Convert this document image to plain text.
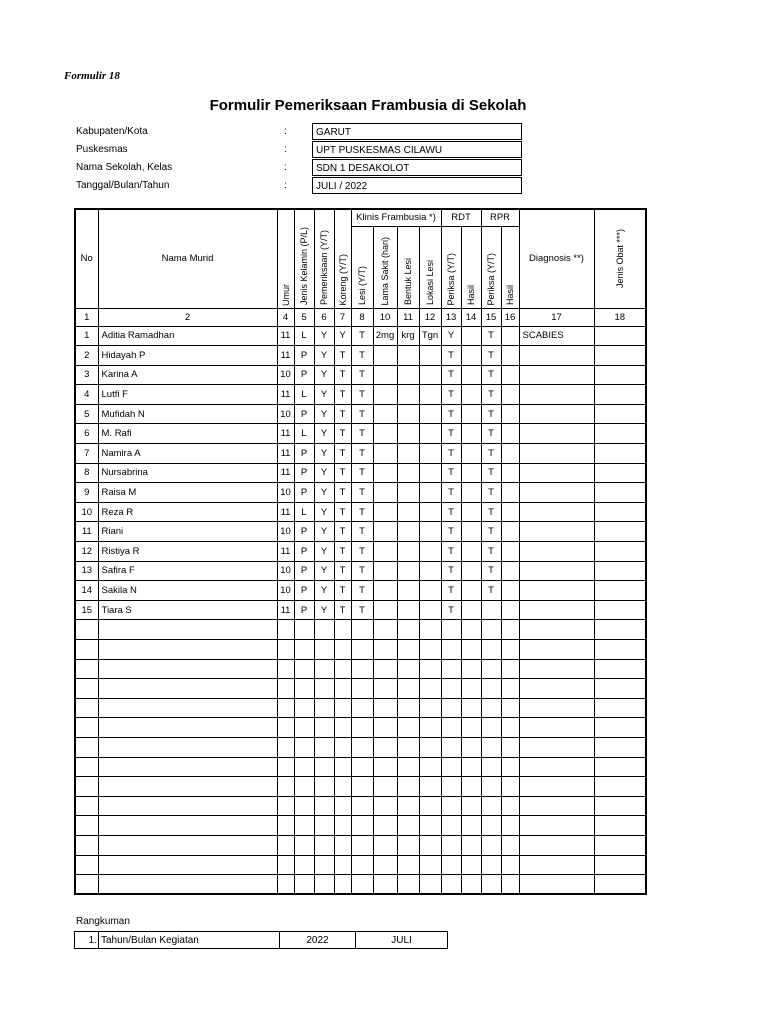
Formulir 18
Formulir Pemeriksaan Frambusia di Sekolah
Kabupaten/Kota	:	GARUT
Puskesmas	:	UPT PUSKESMAS CILAWU
Nama Sekolah, Kelas	:	SDN 1 DESAKOLOT
Tanggal/Bulan/Tahun	:	JULI / 2022
No	Nama Murid	Umur	Jenis Kelamin (P/L)	Pemeriksaan (Y/T)	Koreng (Y/T)	Klinis Frambusia *)				RDT		RPR		Diagnosis **)	Jenis Obat ***)

						Lesi (Y/T)	Lama Sakit (hari)	Bentuk Lesi	Lokasi Lesi	Periksa (Y/T)	Hasil	Periksa (Y/T)	Hasil		

1	2	4	5	6	7	8	10	11	12	13	14	15	16	17	18
1	Aditia Ramadhan	11	L	Y	Y	T	2mg	krg	Tgn	Y		T		SCABIES	
2	Hidayah P	11	P	Y	T	T				T		T			
3	Karina A	10	P	Y	T	T				T		T			
4	Lutfi F	11	L	Y	T	T				T		T			
5	Mufidah N	10	P	Y	T	T				T		T			
6	M. Rafi	11	L	Y	T	T				T		T			
7	Namira A	11	P	Y	T	T				T		T			
8	Nursabrina	11	P	Y	T	T				T		T			
9	Raisa M	10	P	Y	T	T				T		T			
10	Reza R	11	L	Y	T	T				T		T			
11	Riani	10	P	Y	T	T				T		T			
12	Ristiya R	11	P	Y	T	T				T		T			
13	Safira F	10	P	Y	T	T				T		T			
14	Sakila N	10	P	Y	T	T				T		T			
15	Tiara S	11	P	Y	T	T				T					

Rangkuman
1.	Tahun/Bulan Kegiatan	2022	JULI
